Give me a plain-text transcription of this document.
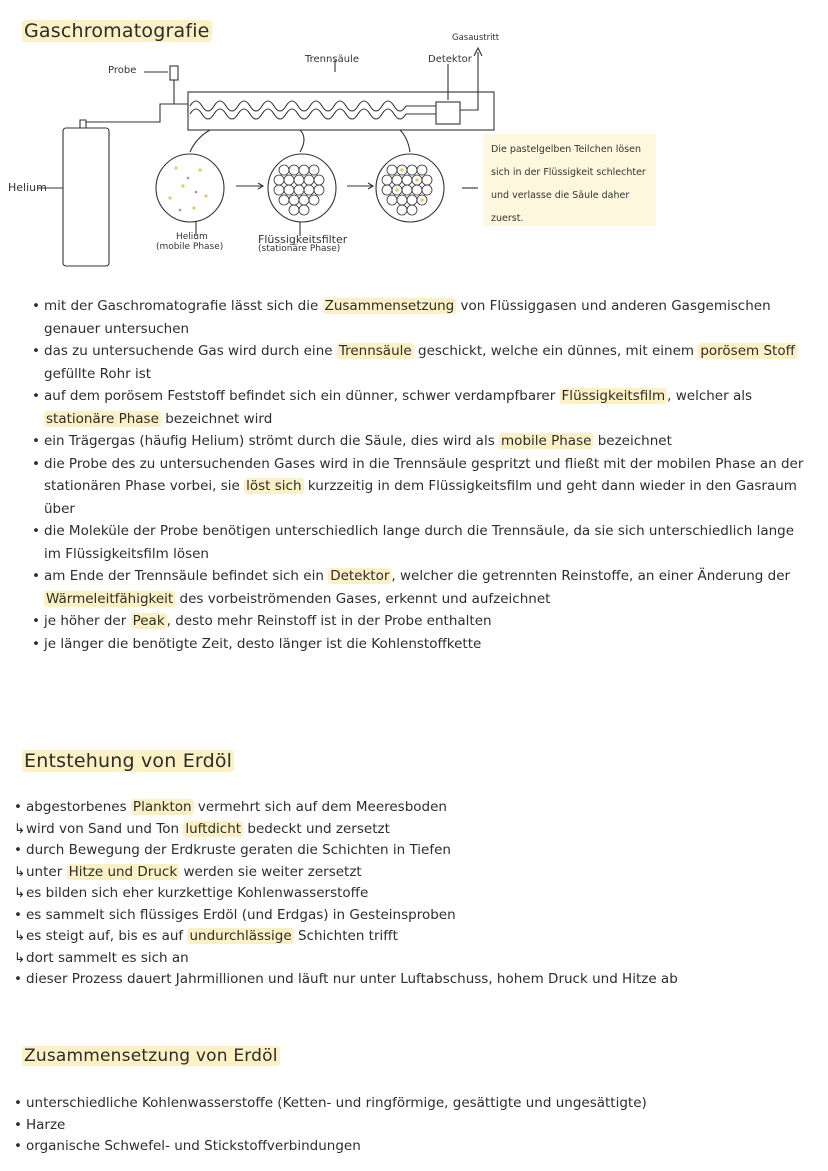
Gaschromatografie
Probe
Trennsäule
Gasaustritt
Detektor
Helium
Helium
(mobile Phase)
Flüssigkeitsfilter
(stationäre Phase)
Die pastelgelben Teilchen lösen sich in der Flüssigkeit schlechter und verlasse die Säule daher zuerst.
• mit der Gaschromatografie lässt sich die Zusammensetzung von Flüssiggasen und anderen Gasgemischen genauer untersuchen
• das zu untersuchende Gas wird durch eine Trennsäule geschickt, welche ein dünnes, mit einem porösem Stoff gefüllte Rohr ist
• auf dem porösem Feststoff befindet sich ein dünner, schwer verdampfbarer Flüssigkeitsfilm , welcher als stationäre Phase bezeichnet wird
• ein Trägergas (häufig Helium) strömt durch die Säule, dies wird als mobile Phase bezeichnet
• die Probe des zu untersuchenden Gases wird in die Trennsäule gespritzt und fließt mit der mobilen Phase an der stationären Phase vorbei, sie löst sich kurzzeitig in dem Flüssigkeitsfilm und geht dann wieder in den Gasraum über
• die Moleküle der Probe benötigen unterschiedlich lange durch die Trennsäule, da sie sich unterschiedlich lange im Flüssigkeitsfilm lösen
• am Ende der Trennsäule befindet sich ein Detektor , welcher die getrennten Reinstoffe, an einer Änderung der Wärmeleitfähigkeit des vorbeiströmenden Gases, erkennt und aufzeichnet
• je höher der Peak , desto mehr Reinstoff ist in der Probe enthalten
• je länger die benötigte Zeit, desto länger ist die Kohlenstoffkette
Entstehung von Erdöl
• abgestorbenes Plankton vermehrt sich auf dem Meeresboden
↳ wird von Sand und Ton luftdicht bedeckt und zersetzt
• durch Bewegung der Erdkruste geraten die Schichten in Tiefen
↳ unter Hitze und Druck werden sie weiter zersetzt
↳ es bilden sich eher kurzkettige Kohlenwasserstoffe
• es sammelt sich flüssiges Erdöl (und Erdgas) in Gesteinsproben
↳ es steigt auf, bis es auf undurchlässige Schichten trifft
↳ dort sammelt es sich an
• dieser Prozess dauert Jahrmillionen und läuft nur unter Luftabschuss, hohem Druck und Hitze ab
Zusammensetzung von Erdöl
• unterschiedliche Kohlenwasserstoffe (Ketten- und ringförmige, gesättigte und ungesättigte)
• Harze
• organische Schwefel- und Stickstoffverbindungen
